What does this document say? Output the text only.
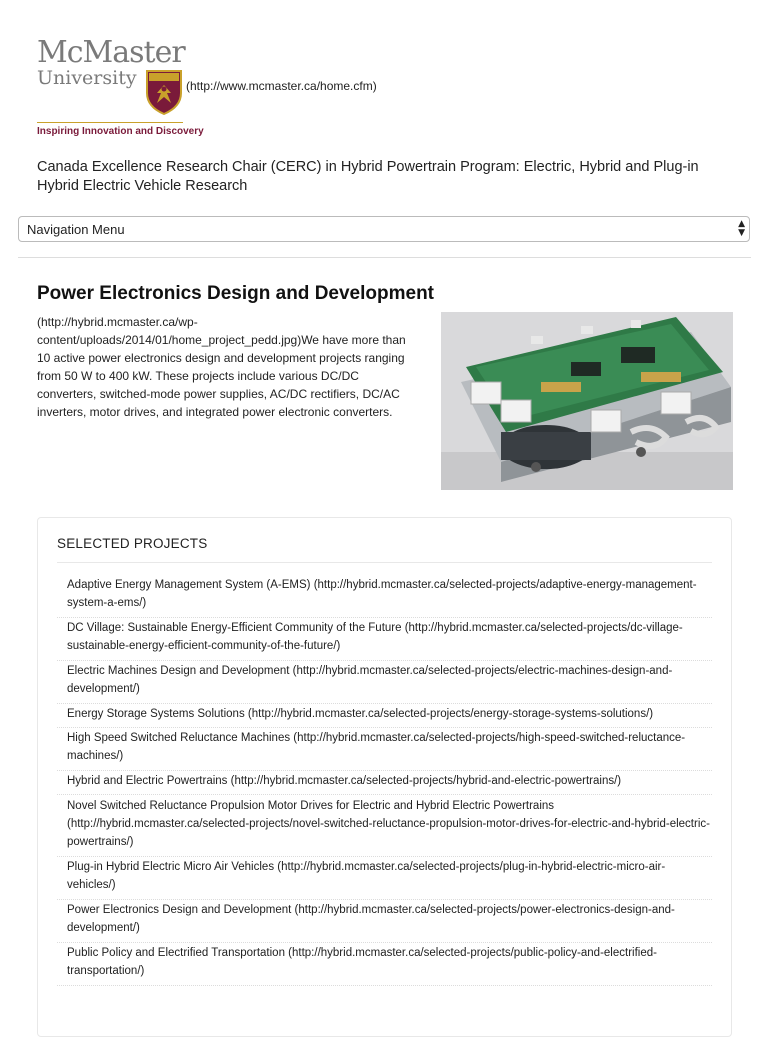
McMaster
University
Inspiring Innovation and Discovery
(http://www.mcmaster.ca/home.cfm)
Canada Excellence Research Chair (CERC) in Hybrid Powertrain Program: Electric, Hybrid and Plug-in Hybrid Electric Vehicle Research
Navigation Menu	▲
▼
Power Electronics Design and Development
(http://hybrid.mcmaster.ca/wp-content/uploads/2014/01/home_project_pedd.jpg)We have more than 10 active power electronics design and development projects ranging from 50 W to 400 kW. These projects include various DC/DC converters, switched-mode power supplies, AC/DC rectifiers, DC/AC inverters, motor drives, and integrated power electronic converters.
SELECTED PROJECTS
Adaptive Energy Management System (A-EMS) (http://hybrid.mcmaster.ca/selected-projects/adaptive-energy-management-system-a-ems/)
DC Village: Sustainable Energy-Efficient Community of the Future (http://hybrid.mcmaster.ca/selected-projects/dc-village-sustainable-energy-efficient-community-of-the-future/)
Electric Machines Design and Development (http://hybrid.mcmaster.ca/selected-projects/electric-machines-design-and-development/)
Energy Storage Systems Solutions (http://hybrid.mcmaster.ca/selected-projects/energy-storage-systems-solutions/)
High Speed Switched Reluctance Machines (http://hybrid.mcmaster.ca/selected-projects/high-speed-switched-reluctance-machines/)
Hybrid and Electric Powertrains (http://hybrid.mcmaster.ca/selected-projects/hybrid-and-electric-powertrains/)
Novel Switched Reluctance Propulsion Motor Drives for Electric and Hybrid Electric Powertrains (http://hybrid.mcmaster.ca/selected-projects/novel-switched-reluctance-propulsion-motor-drives-for-electric-and-hybrid-electric-powertrains/)
Plug-in Hybrid Electric Micro Air Vehicles (http://hybrid.mcmaster.ca/selected-projects/plug-in-hybrid-electric-micro-air-vehicles/)
Power Electronics Design and Development (http://hybrid.mcmaster.ca/selected-projects/power-electronics-design-and-development/)
Public Policy and Electrified Transportation (http://hybrid.mcmaster.ca/selected-projects/public-policy-and-electrified-transportation/)
